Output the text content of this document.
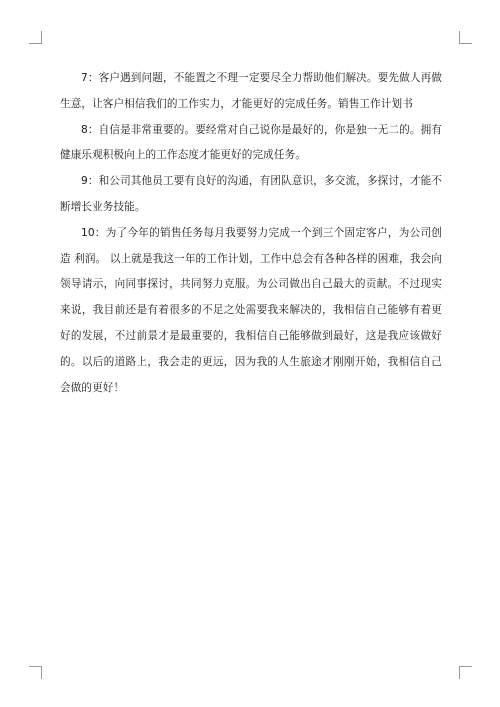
7：客户遇到问题，不能置之不理一定要尽全力帮助他们解决。要先做人再做生意，让客户相信我们的工作实力，才能更好的完成任务。销售工作计划书

8：自信是非常重要的。要经常对自己说你是最好的，你是独一无二的。拥有健康乐观积极向上的工作态度才能更好的完成任务。

9：和公司其他员工要有良好的沟通，有团队意识，多交流，多探讨，才能不断增长业务技能。

10：为了今年的销售任务每月我要努力完成一个到三个固定客户，为公司创造 利润。 以上就是我这一年的工作计划，工作中总会有各种各样的困难，我会向领导请示，向同事探讨，共同努力克服。为公司做出自己最大的贡献。不过现实来说，我目前还是有着很多的不足之处需要我来解决的，我相信自己能够有着更好的发展，不过前景才是最重要的，我相信自己能够做到最好，这是我应该做好的。以后的道路上，我会走的更远，因为我的人生旅途才刚刚开始，我相信自己会做的更好！
